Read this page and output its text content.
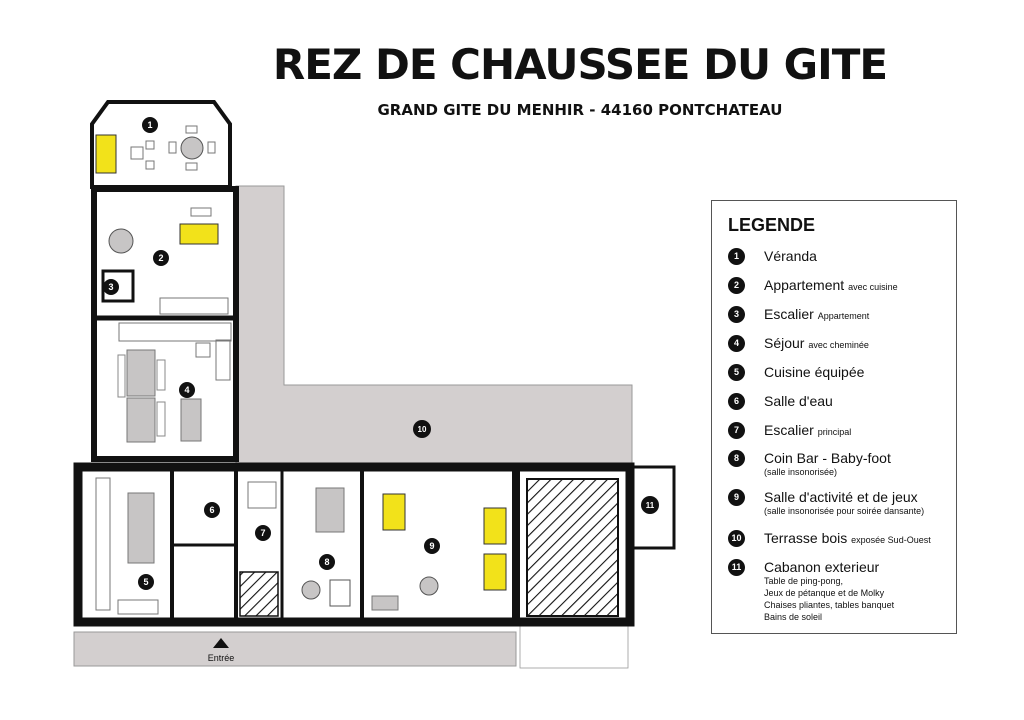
REZ DE CHAUSSEE DU GITE

GRAND GITE DU MENHIR - 44160 PONTCHATEAU

Entrée
1
2
3
4
5
6
7
8
9
10
11
LEGENDE
1	Véranda
2	Appartement avec cuisine
3	Escalier Appartement
4	Séjour avec cheminée
5	Cuisine équipée
6	Salle d'eau
7	Escalier principal
8	Coin Bar - Baby-foot
(salle insonorisée)
9	Salle d'activité et de jeux
(salle insonorisée pour soirée dansante)
10 Terrasse bois exposée Sud-Ouest
11 Cabanon exterieur
Table de ping-pong,
Jeux de pétanque et de Molky
Chaises pliantes, tables banquet
Bains de soleil
